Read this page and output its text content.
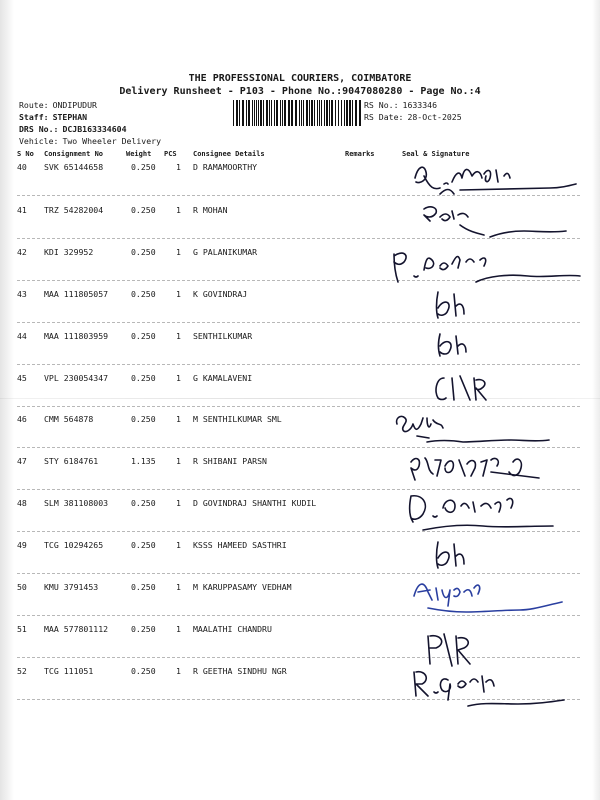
THE PROFESSIONAL COURIERS, COIMBATORE
Delivery Runsheet - P103 - Phone No.:9047080280 - Page No.:4
Route: ONDIPUDUR
Staff: STEPHAN
DRS No.: DCJB163334604
Vehicle: Two Wheeler Delivery
RS No.: 1633346
RS Date: 28-Oct-2025
S No Consignment No	Weight PCS Consignee Details	Remarks	Seal & Signature
40 SVK 65144658	0.250 1 D RAMAMOORTHY
41 TRZ 54282004	0.250 1 R MOHAN
42 KDI 329952	0.250 1 G PALANIKUMAR
43 MAA 111805057	0.250 1 K GOVINDRAJ
44 MAA 111803959	0.250 1 SENTHILKUMAR
45 VPL 230054347	0.250 1 G KAMALAVENI
46 CMM 564878	0.250 1 M SENTHILKUMAR SML
47 STY 6184761	1.135 1 R SHIBANI PARSN
48 SLM 381108003	0.250 1 D GOVINDRAJ SHANTHI KUDIL
49 TCG 10294265	0.250 1 KSSS HAMEED SASTHRI
50 KMU 3791453	0.250 1 M KARUPPASAMY VEDHAM
51 MAA 577801112	0.250 1 MAALATHI CHANDRU
52 TCG 111051	0.250 1 R GEETHA SINDHU NGR
